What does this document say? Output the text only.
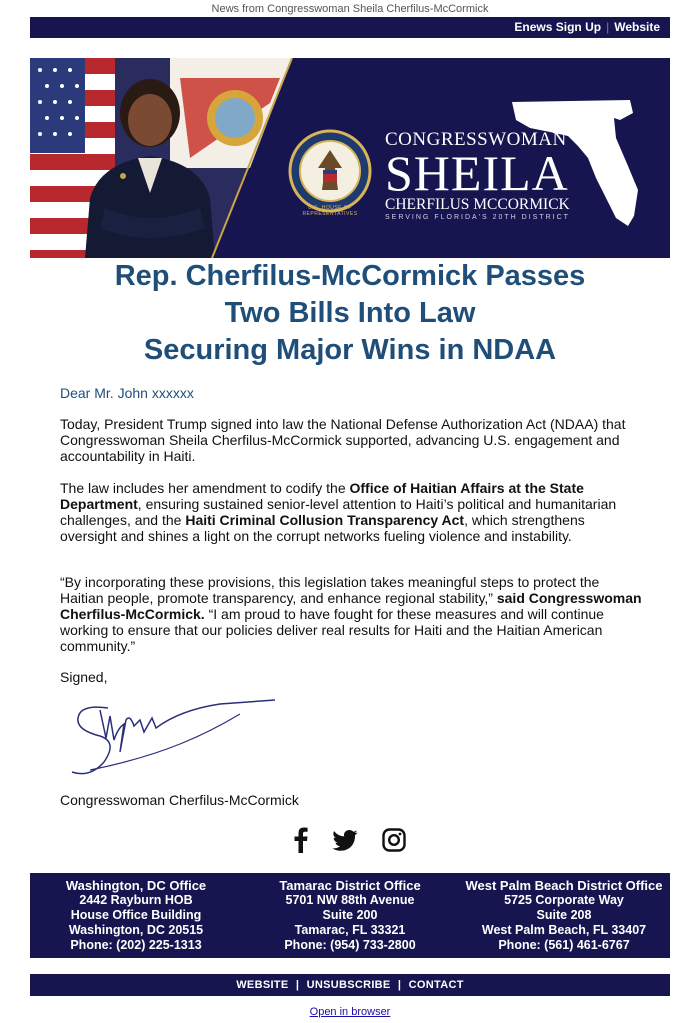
News from Congresswoman Sheila Cherfilus-McCormick
Enews Sign Up | Website
CONGRESSWOMAN
SHEILA
CHERFILUS MCCORMICK
SERVING FLORIDA'S 20TH DISTRICT
U.S. HOUSE OF REPRESENTATIVES
Rep. Cherfilus-McCormick Passes
Two Bills Into Law
Securing Major Wins in NDAA
Dear Mr. John xxxxxx
Today, President Trump signed into law the National Defense Authorization Act (NDAA) that Congresswoman Sheila Cherfilus-McCormick supported, advancing U.S. engagement and accountability in Haiti.
The law includes her amendment to codify the Office of Haitian Affairs at the State Department, ensuring sustained senior-level attention to Haiti’s political and humanitarian challenges, and the Haiti Criminal Collusion Transparency Act, which strengthens oversight and shines a light on the corrupt networks fueling violence and instability.
“By incorporating these provisions, this legislation takes meaningful steps to protect the Haitian people, promote transparency, and enhance regional stability,” said Congresswoman Cherfilus-McCormick. “I am proud to have fought for these measures and will continue working to ensure that our policies deliver real results for Haiti and the Haitian American community.”
Signed,
Congresswoman Cherfilus-McCormick

Washington, DC Office
2442 Rayburn HOB
House Office Building
Washington, DC 20515
Phone: (202) 225-1313
Tamarac District Office
5701 NW 88th Avenue
Suite 200
Tamarac, FL 33321
Phone: (954) 733-2800
West Palm Beach District Office
5725 Corporate Way
Suite 208
West Palm Beach, FL 33407
Phone: (561) 461-6767
WEBSITE | UNSUBSCRIBE | CONTACT
Open in browser
